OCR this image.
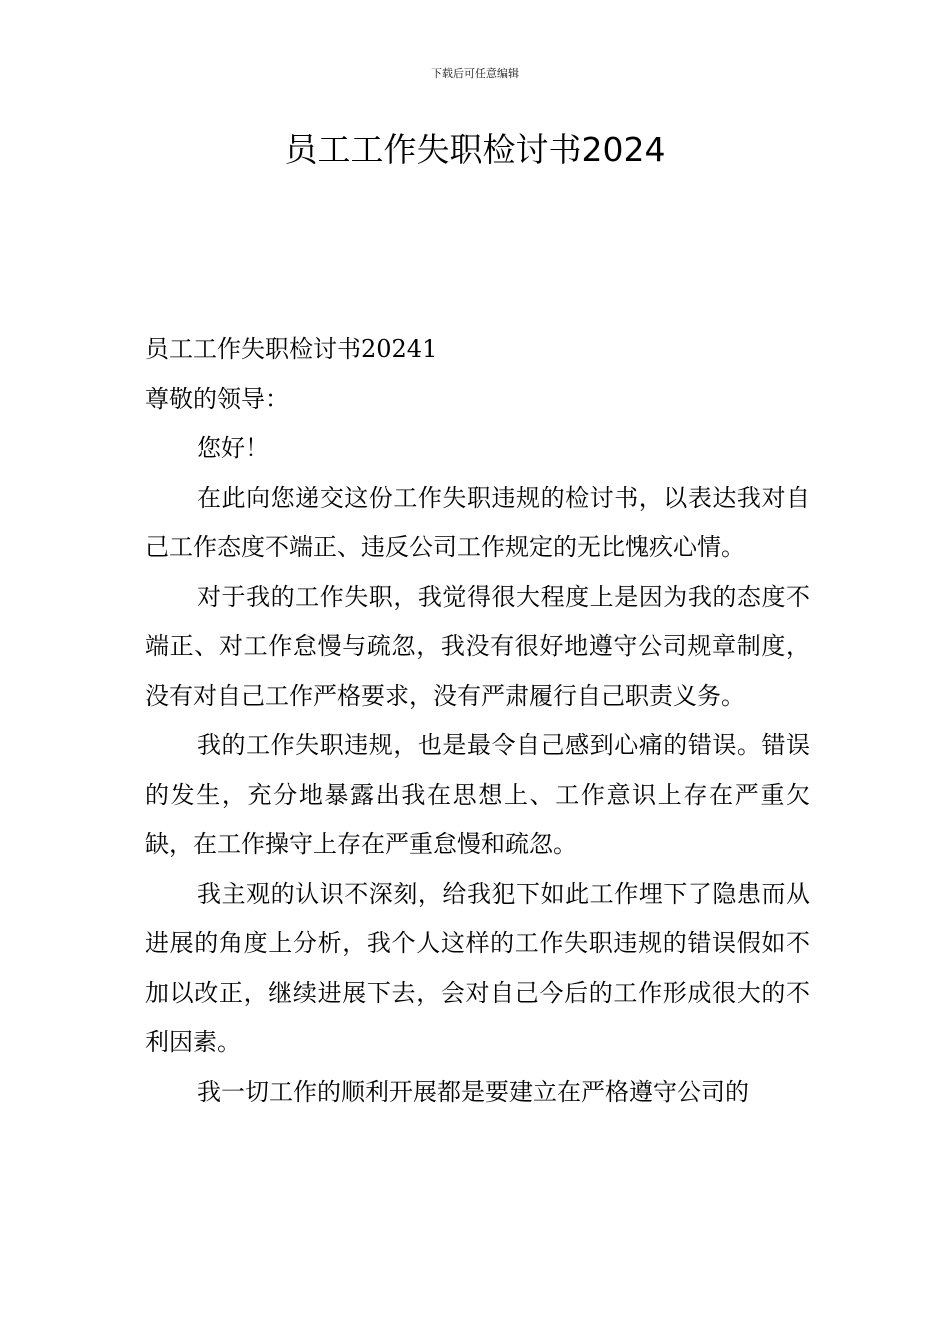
下载后可任意编辑
员工工作失职检讨书2024

员工工作失职检讨书20241

尊敬的领导：

您好！

在此向您递交这份工作失职违规的检讨书，以表达我对自己工作态度不端正、违反公司工作规定的无比愧疚心情。

对于我的工作失职，我觉得很大程度上是因为我的态度不端正、对工作怠慢与疏忽，我没有很好地遵守公司规章制度，没有对自己工作严格要求，没有严肃履行自己职责义务。

我的工作失职违规，也是最令自己感到心痛的错误。错误的发生，充分地暴露出我在思想上、工作意识上存在严重欠缺，在工作操守上存在严重怠慢和疏忽。

我主观的认识不深刻，给我犯下如此工作埋下了隐患而从进展的角度上分析，我个人这样的工作失职违规的错误假如不加以改正，继续进展下去，会对自己今后的工作形成很大的不利因素。

我一切工作的顺利开展都是要建立在严格遵守公司的
